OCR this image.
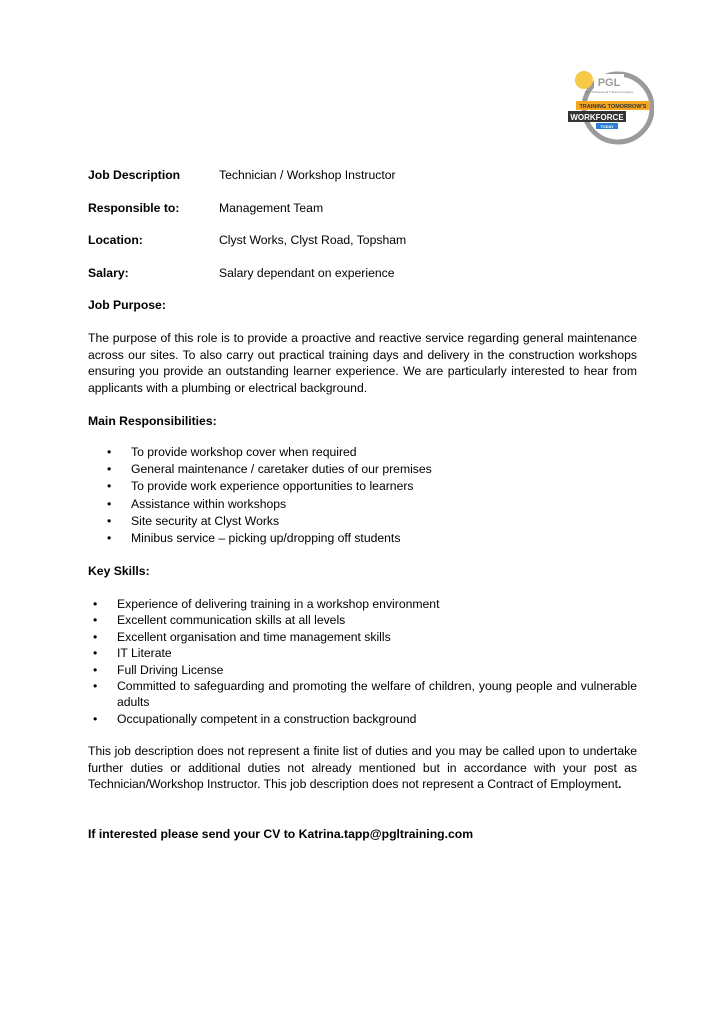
PGL
Your Professional Training Company
TRAINING TOMORROW'S
WORKFORCE
TODAY
Job Description	Technician / Workshop Instructor
Responsible to:	Management Team
Location:	Clyst Works, Clyst Road, Topsham
Salary:	Salary dependant on experience
Job Purpose:

The purpose of this role is to provide a proactive and reactive service regarding general maintenance across our sites. To also carry out practical training days and delivery in the construction workshops ensuring you provide an outstanding learner experience. We are particularly interested to hear from applicants with a plumbing or electrical background.

Main Responsibilities:
• To provide workshop cover when required
• General maintenance / caretaker duties of our premises
• To provide work experience opportunities to learners
• Assistance within workshops
• Site security at Clyst Works
• Minibus service – picking up/dropping off students
Key Skills:
• Experience of delivering training in a workshop environment
• Excellent communication skills at all levels
• Excellent organisation and time management skills
• IT Literate
• Full Driving License
• Committed to safeguarding and promoting the welfare of children, young people and vulnerable adults
• Occupationally competent in a construction background

This job description does not represent a finite list of duties and you may be called upon to undertake further duties or additional duties not already mentioned but in accordance with your post as Technician/Workshop Instructor. This job description does not represent a Contract of Employment.

If interested please send your CV to Katrina.tapp@pgltraining.com
